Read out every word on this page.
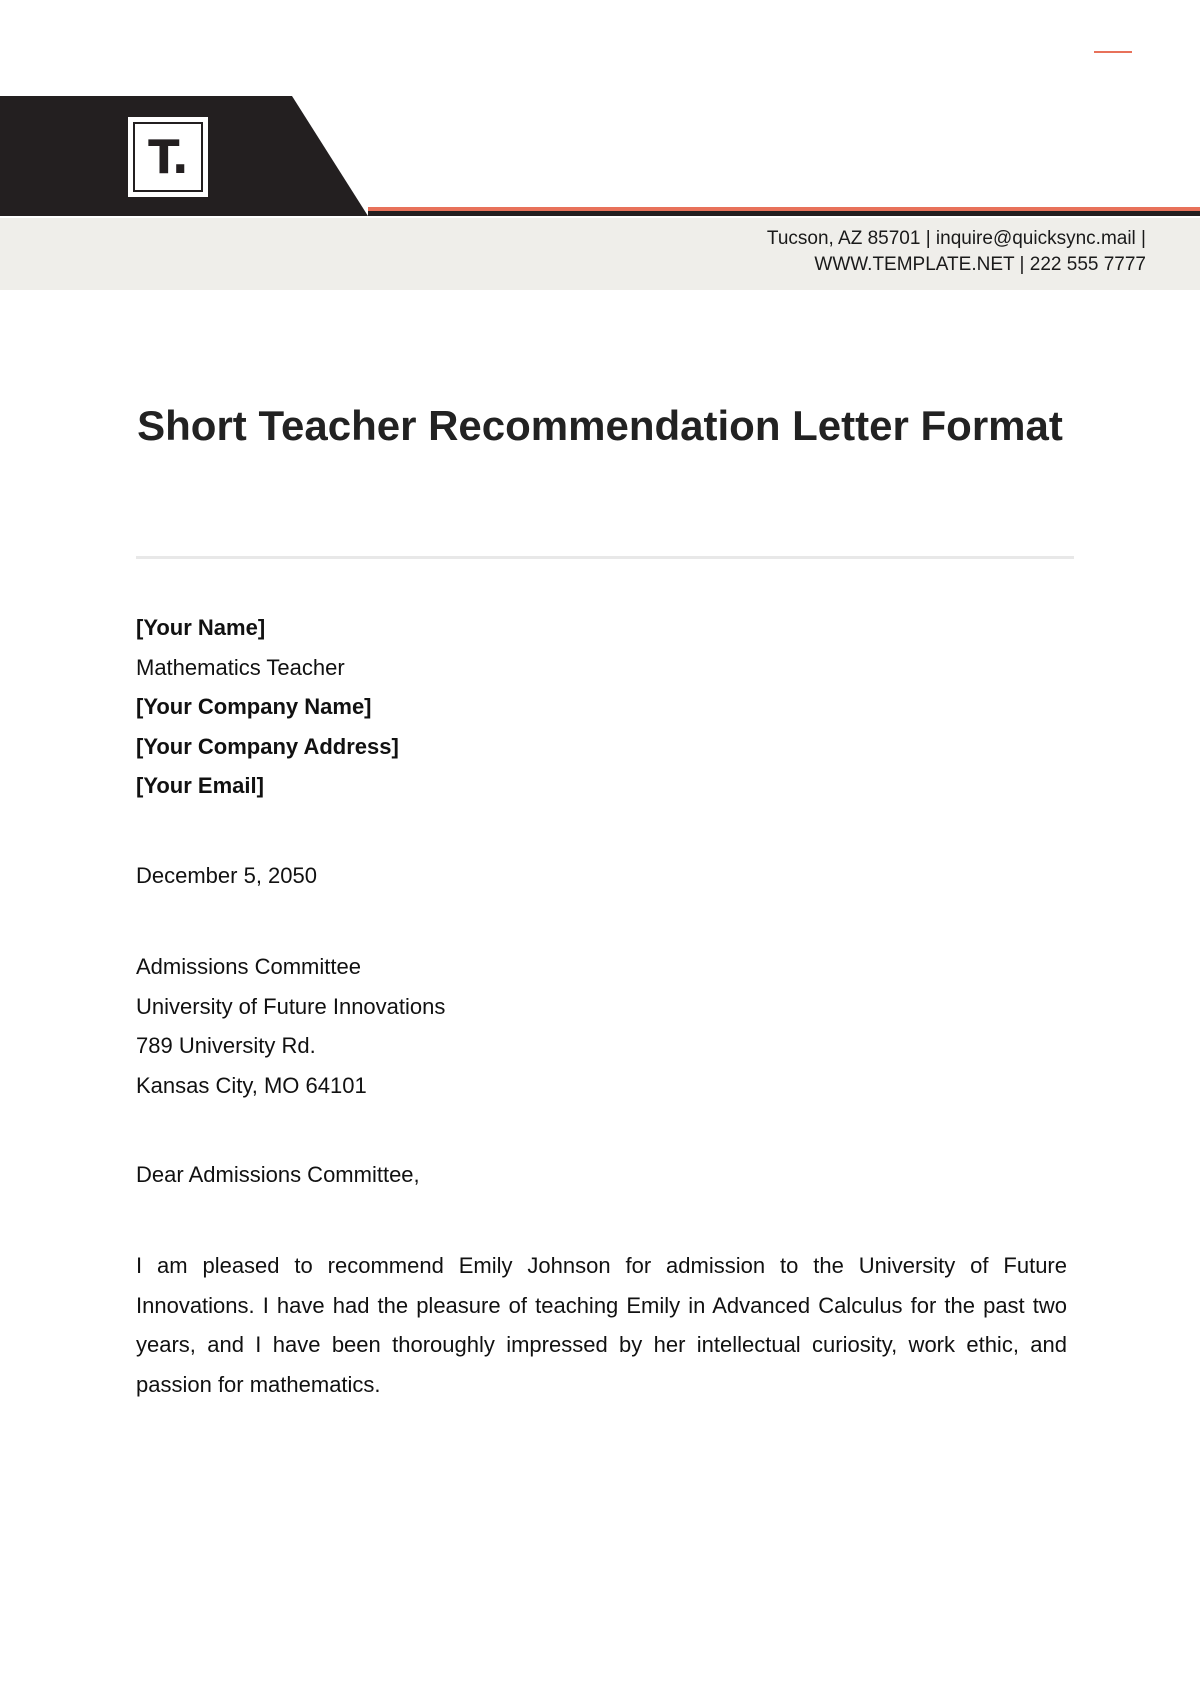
T.
Tucson, AZ 85701 | inquire@quicksync.mail |
WWW.TEMPLATE.NET | 222 555 7777
Short Teacher Recommendation Letter Format
[Your Name]
Mathematics Teacher
[Your Company Name]
[Your Company Address]
[Your Email]
December 5, 2050
Admissions Committee
University of Future Innovations
789 University Rd.
Kansas City, MO 64101
Dear Admissions Committee,

I am pleased to recommend Emily Johnson for admission to the University of Future Innovations. I have had the pleasure of teaching Emily in Advanced Calculus for the past two years, and I have been thoroughly impressed by her intellectual curiosity, work ethic, and passion for mathematics.
